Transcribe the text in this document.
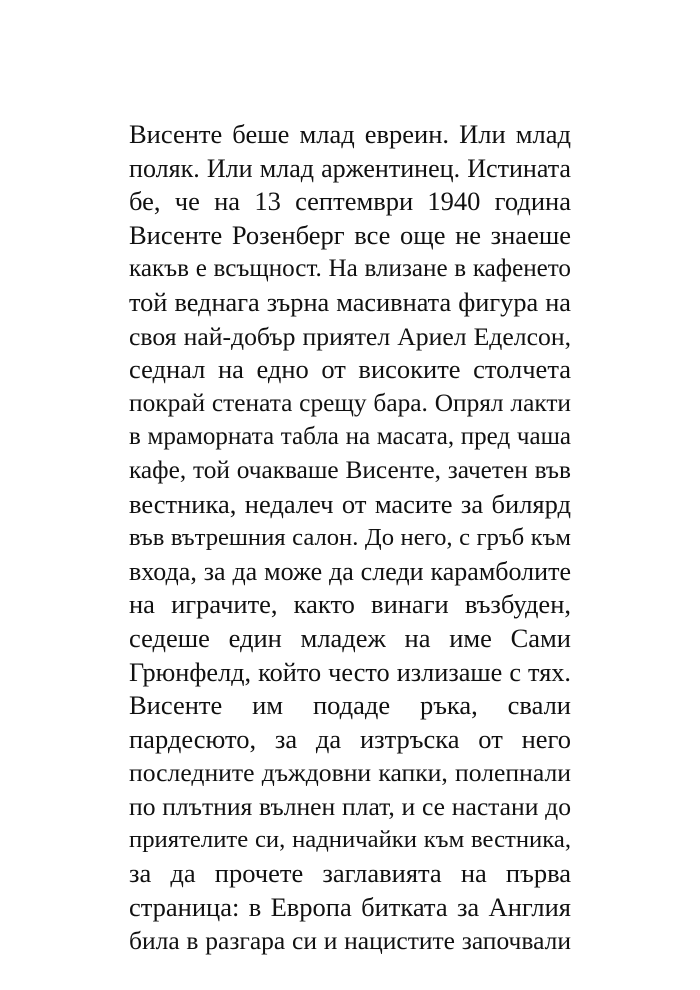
Висенте беше млад евреин. Или млад
поляк. Или млад аржентинец. Истината
бе, че на 13 септември 1940 година
Висенте Розенберг все още не знаеше
какъв е всъщност. На влизане в кафенето
той веднага зърна масивната фигура на
своя най-добър приятел Ариел Еделсон,
седнал на едно от високите столчета
покрай стената срещу бара. Опрял лакти
в мраморната табла на масата, пред чаша
кафе, той очакваше Висенте, зачетен във
вестника, недалеч от масите за билярд
във вътрешния салон. До него, с гръб към
входа, за да може да следи карамболите
на играчите, както винаги възбуден,
седеше един младеж на име Сами
Грюнфелд, който често излизаше с тях.
Висенте им подаде ръка, свали
пардесюто, за да изтръска от него
последните дъждовни капки, полепнали
по плътния вълнен плат, и се настани до
приятелите си, надничайки към вестника,
за да прочете заглавията на първа
страница: в Европа битката за Англия
била в разгара си и нацистите започвали
